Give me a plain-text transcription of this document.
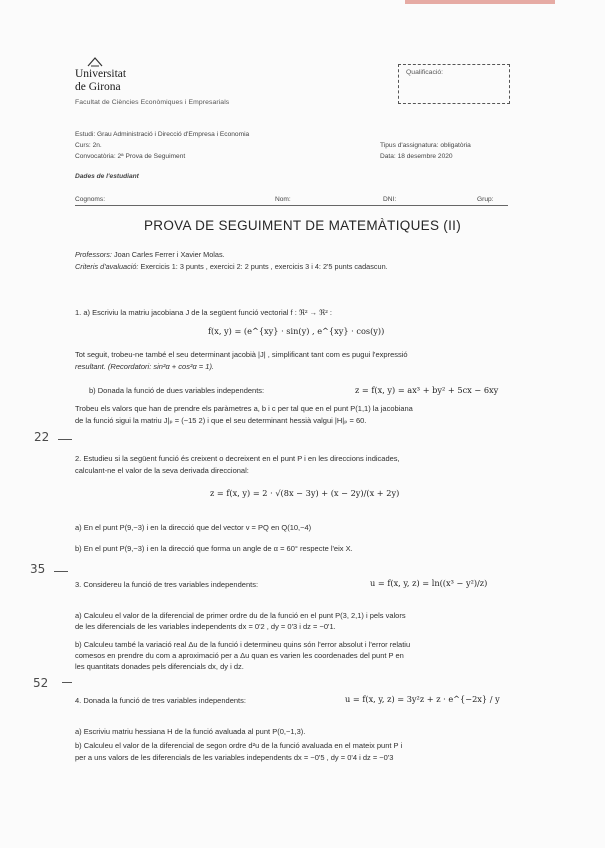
Universitat
de Girona
Facultat de Ciències Econòmiques i Empresarials
Qualificació:
Estudi: Grau Administració i Direcció d'Empresa i Economia
Curs: 2n.
Convocatòria: 2ª Prova de Seguiment
Tipus d'assignatura: obligatòria
Data: 18 desembre 2020
Dades de l'estudiant
Cognoms:	Nom:	DNI:	Grup:
PROVA DE SEGUIMENT DE MATEMÀTIQUES (II)
Professors: Joan Carles Ferrer i Xavier Molas.
Criteris d'avaluació: Exercicis 1: 3 punts , exercici 2: 2 punts , exercicis 3 i 4: 2'5 punts cadascun.
1. a) Escriviu la matriu jacobiana J de la següent funció vectorial f : ℜ² → ℜ² :
f(x, y) = (e^{xy} · sin(y) , e^{xy} · cos(y))
Tot seguit, trobeu-ne també el seu determinant jacobià |J| , simplificant tant com es pugui l'expressió
resultant. (Recordatori: sin²α + cos²α = 1).
b) Donada la funció de dues variables independents:	z = f(x, y) = ax³ + by² + 5cx − 6xy
Trobeu els valors que han de prendre els paràmetres a, b i c per tal que en el punt P(1,1) la jacobiana
de la funció sigui la matriu J|ₚ = (−15 2) i que el seu determinant hessià valgui |H|ₚ = 60.
22
2. Estudieu si la següent funció és creixent o decreixent en el punt P i en les direccions indicades,
calculant-ne el valor de la seva derivada direccional:
z = f(x, y) = 2 · √(8x − 3y) + (x − 2y)/(x + 2y)
a) En el punt P(9,−3) i en la direcció que del vector v = PQ en Q(10,−4)
b) En el punt P(9,−3) i en la direcció que forma un angle de α = 60° respecte l'eix X.
35
3. Considereu la funció de tres variables independents:	u = f(x, y, z) = ln((x³ − y²)/z)
a) Calculeu el valor de la diferencial de primer ordre du de la funció en el punt P(3, 2,1) i pels valors
de les diferencials de les variables independents dx = 0'2 , dy = 0'3 i dz = −0'1.
b) Calculeu també la variació real Δu de la funció i determineu quins són l'error absolut i l'error relatiu
comesos en prendre du com a aproximació per a Δu quan es varien les coordenades del punt P en
les quantitats donades pels diferencials dx, dy i dz.
52
4. Donada la funció de tres variables independents:	u = f(x, y, z) = 3y²z + z · e^{−2x} / y
a) Escriviu matriu hessiana H de la funció avaluada al punt P(0,−1,3).
b) Calculeu el valor de la diferencial de segon ordre d²u de la funció avaluada en el mateix punt P i
per a uns valors de les diferencials de les variables independents dx = −0'5 , dy = 0'4 i dz = −0'3
